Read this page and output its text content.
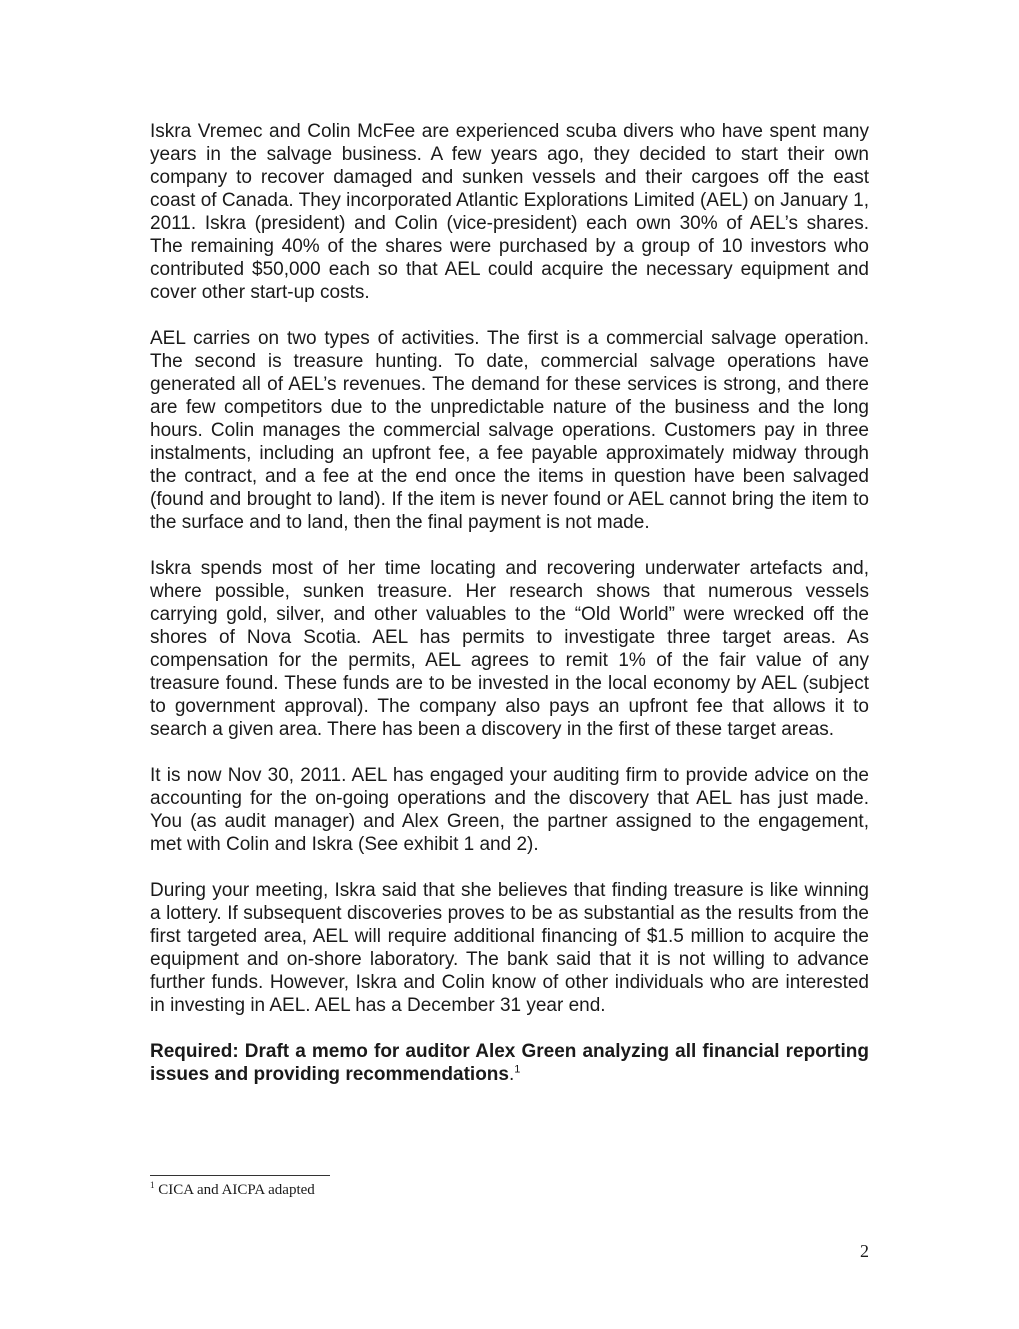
Iskra Vremec and Colin McFee are experienced scuba divers who have spent many years in the salvage business. A few years ago, they decided to start their own company to recover damaged and sunken vessels and their cargoes off the east coast of Canada. They incorporated Atlantic Explorations Limited (AEL) on January 1, 2011. Iskra (president) and Colin (vice-president) each own 30% of AEL’s shares. The remaining 40% of the shares were purchased by a group of 10 investors who contributed $50,000 each so that AEL could acquire the necessary equipment and cover other start-up costs.

AEL carries on two types of activities. The first is a commercial salvage operation. The second is treasure hunting. To date, commercial salvage operations have generated all of AEL’s revenues. The demand for these services is strong, and there are few competitors due to the unpredictable nature of the business and the long hours. Colin manages the commercial salvage operations. Customers pay in three instalments, including an upfront fee, a fee payable approximately midway through the contract, and a fee at the end once the items in question have been salvaged (found and brought to land). If the item is never found or AEL cannot bring the item to the surface and to land, then the final payment is not made.

Iskra spends most of her time locating and recovering underwater artefacts and, where possible, sunken treasure. Her research shows that numerous vessels carrying gold, silver, and other valuables to the “Old World” were wrecked off the shores of Nova Scotia. AEL has permits to investigate three target areas. As compensation for the permits, AEL agrees to remit 1% of the fair value of any treasure found. These funds are to be invested in the local economy by AEL (subject to government approval). The company also pays an upfront fee that allows it to search a given area. There has been a discovery in the first of these target areas.

It is now Nov 30, 2011. AEL has engaged your auditing firm to provide advice on the accounting for the on-going operations and the discovery that AEL has just made. You (as audit manager) and Alex Green, the partner assigned to the engagement, met with Colin and Iskra (See exhibit 1 and 2).

During your meeting, Iskra said that she believes that finding treasure is like winning a lottery. If subsequent discoveries proves to be as substantial as the results from the first targeted area, AEL will require additional financing of $1.5 million to acquire the equipment and on-shore laboratory. The bank said that it is not willing to advance further funds. However, Iskra and Colin know of other individuals who are interested in investing in AEL. AEL has a December 31 year end.

Required: Draft a memo for auditor Alex Green analyzing all financial reporting issues and providing recommendations.$^1$

$^1$ CICA and AICPA adapted
2
